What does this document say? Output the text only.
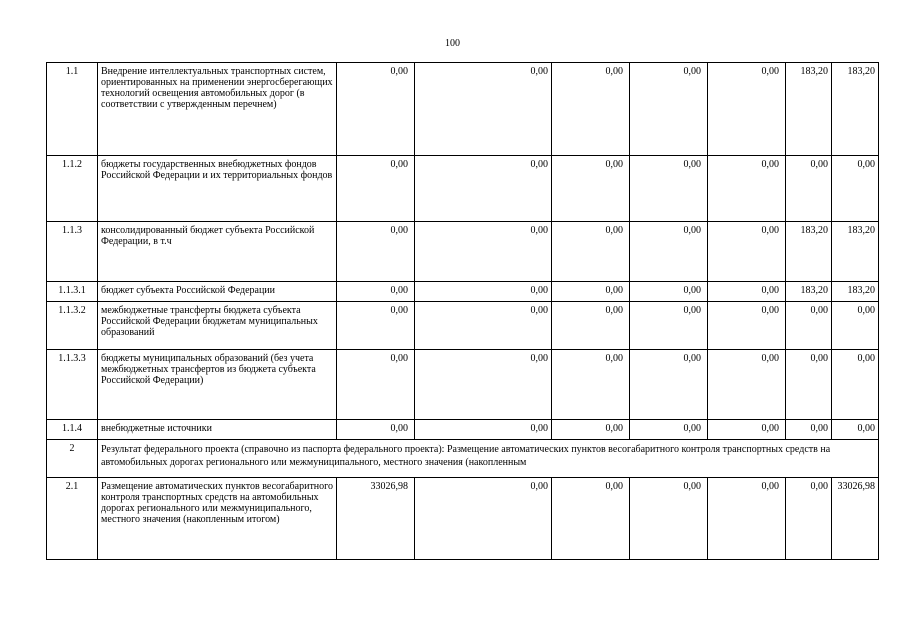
100
1.1	Внедрение интеллектуальных транспортных систем, ориентированных на применении энергосберегающих технологий освещения автомобильных дорог (в соответствии с утвержденным перечнем)	0,00	0,00	0,00	0,00	0,00	183,20	183,20
1.1.2	бюджеты государственных внебюджетных фондов Российской Федерации и их территориальных фондов	0,00	0,00	0,00	0,00	0,00	0,00	0,00
1.1.3	консолидированный бюджет субъекта Российской Федерации, в т.ч	0,00	0,00	0,00	0,00	0,00	183,20	183,20
1.1.3.1	бюджет субъекта Российской Федерации	0,00	0,00	0,00	0,00	0,00	183,20	183,20
1.1.3.2	межбюджетные трансферты бюджета субъекта Российской Федерации бюджетам муниципальных образований	0,00	0,00	0,00	0,00	0,00	0,00	0,00
1.1.3.3	бюджеты муниципальных образований (без учета межбюджетных трансфертов из бюджета субъекта Российской Федерации)	0,00	0,00	0,00	0,00	0,00	0,00	0,00
1.1.4	внебюджетные источники	0,00	0,00	0,00	0,00	0,00	0,00	0,00
2	Результат федерального проекта (справочно из паспорта федерального проекта): Размещение автоматических пунктов весогабаритного контроля транспортных средств на автомобильных дорогах регионального или межмуниципального, местного значения (накопленным							
2.1	Размещение автоматических пунктов весогабаритного контроля транспортных средств на автомобильных дорогах регионального или межмуниципального, местного значения (накопленным итогом)	33026,98	0,00	0,00	0,00	0,00	0,00	33026,98
